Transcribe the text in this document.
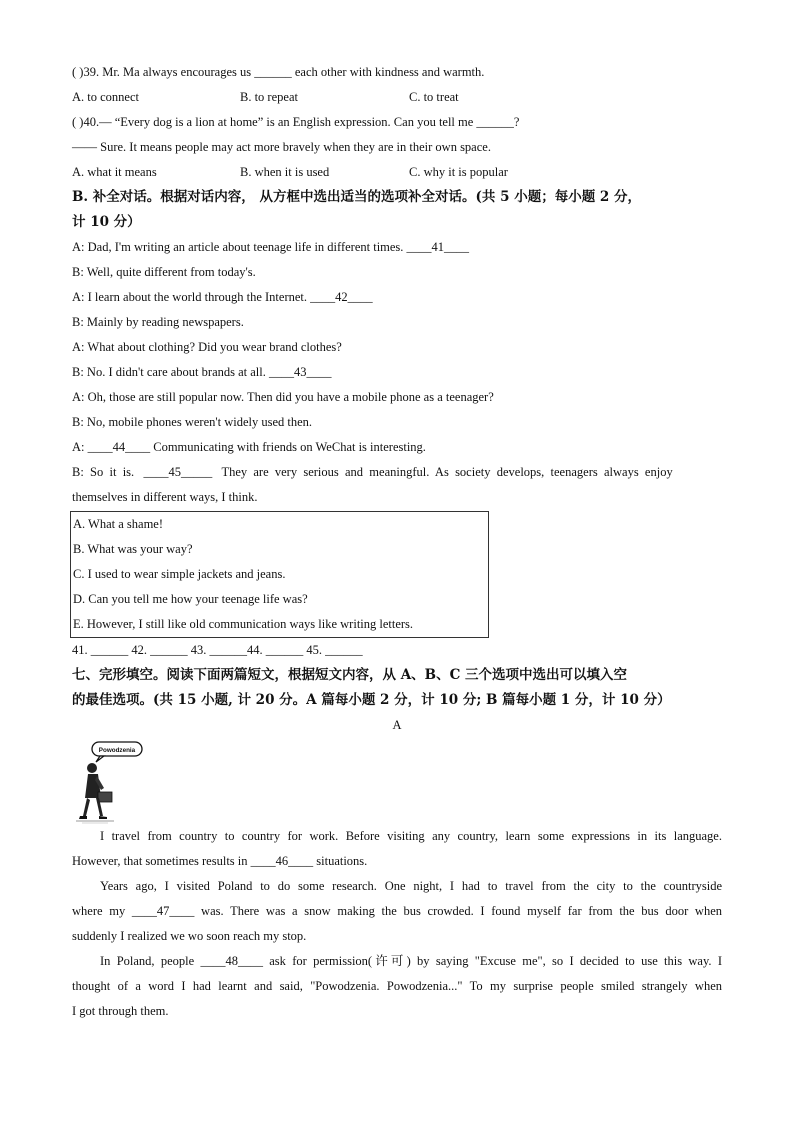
( )39. Mr. Ma always encourages us ______ each other with kindness and warmth.
A. to connect	B. to repeat	C. to treat
( )40.— “Every dog is a lion at home” is an English expression. Can you tell me ______?
—— Sure. It means people may act more bravely when they are in their own space.
A. what it means	B. when it is used	C. why it is popular
B. 补全对话。根据对话内容， 从方框中选出适当的选项补全对话。(共 5 小题；每小题 2 分，
计 10 分）
A: Dad, I'm writing an article about teenage life in different times. ____41____
B: Well, quite different from today's.
A: I learn about the world through the Internet. ____42____
B: Mainly by reading newspapers.
A: What about clothing? Did you wear brand clothes?
B: No. I didn't care about brands at all. ____43____
A: Oh, those are still popular now. Then did you have a mobile phone as a teenager?
B: No, mobile phones weren't widely used then.
A: ____44____ Communicating with friends on WeChat is interesting.
B:  So  it  is.   ____45_____   They  are  very  serious  and  meaningful.  As  society  develops,  teenagers  always  enjoy
themselves in different ways, I think.
A. What a shame!
B. What was your way?
C. I used to wear simple jackets and jeans.
D. Can you tell me how your teenage life was?
E. However, I still like old communication ways like writing letters.
41. ______ 42. ______ 43. ______44. ______ 45. ______
七、完形填空。阅读下面两篇短文，根据短文内容，从 A、B、C 三个选项中选出可以填入空
的最佳选项。(共 15 小题, 计 20 分。A 篇每小题 2 分，计 10 分; B 篇每小题 1 分，计 10 分）
A
Powodzenia
I travel from country to country for work. Before visiting any country, learn some expressions in its language.
However, that sometimes results in ____46____ situations.
Years ago, I visited Poland to do some research. One night, I had to travel from the city to the countryside
where my ____47____ was. There was a snow making the bus crowded. I found myself far from the bus door when
suddenly I realized we wo soon reach my stop.
In Poland, people ____48____ ask for permission(许可) by saying "Excuse me", so I decided to use this way. I
thought of a word I had learnt and said, "Powodzenia. Powodzenia..." To my surprise people smiled strangely when
I got through them.
